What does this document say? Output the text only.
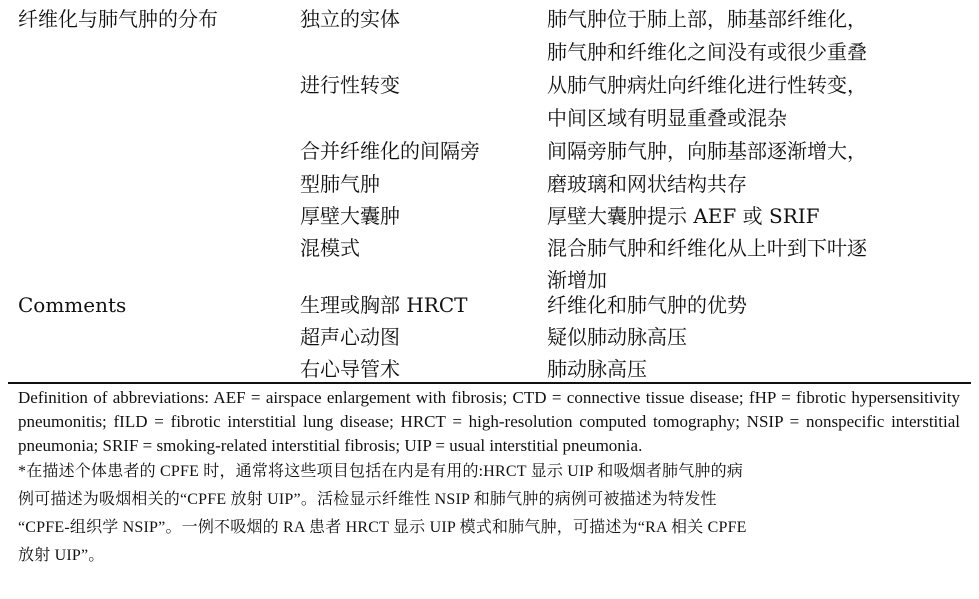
纤维化与肺气肿的分布	独立的实体	肺气肿位于肺上部，肺基部纤维化，
肺气肿和纤维化之间没有或很少重叠
进行性转变	从肺气肿病灶向纤维化进行性转变，
中间区域有明显重叠或混杂
合并纤维化的间隔旁	间隔旁肺气肿，向肺基部逐渐增大，
型肺气肿	磨玻璃和网状结构共存
厚壁大囊肿	厚壁大囊肿提示 AEF 或 SRIF
混模式	混合肺气肿和纤维化从上叶到下叶逐
渐增加
Comments	生理或胸部 HRCT	纤维化和肺气肿的优势
超声心动图	疑似肺动脉高压
右心导管术	肺动脉高压
Definition of abbreviations: AEF = airspace enlargement with fibrosis; CTD = connective tissue disease; fHP = fibrotic hypersensitivity pneumonitis; fILD = fibrotic interstitial lung disease; HRCT = high-resolution computed tomography; NSIP = nonspecific interstitial pneumonia; SRIF = smoking-related interstitial fibrosis; UIP = usual interstitial pneumonia.
*在描述个体患者的 CPFE 时，通常将这些项目包括在内是有用的:HRCT 显示 UIP 和吸烟者肺气肿的病
例可描述为吸烟相关的“CPFE 放射 UIP”。活检显示纤维性 NSIP 和肺气肿的病例可被描述为特发性
“CPFE-组织学 NSIP”。一例不吸烟的 RA 患者 HRCT 显示 UIP 模式和肺气肿，可描述为“RA 相关 CPFE
放射 UIP”。
